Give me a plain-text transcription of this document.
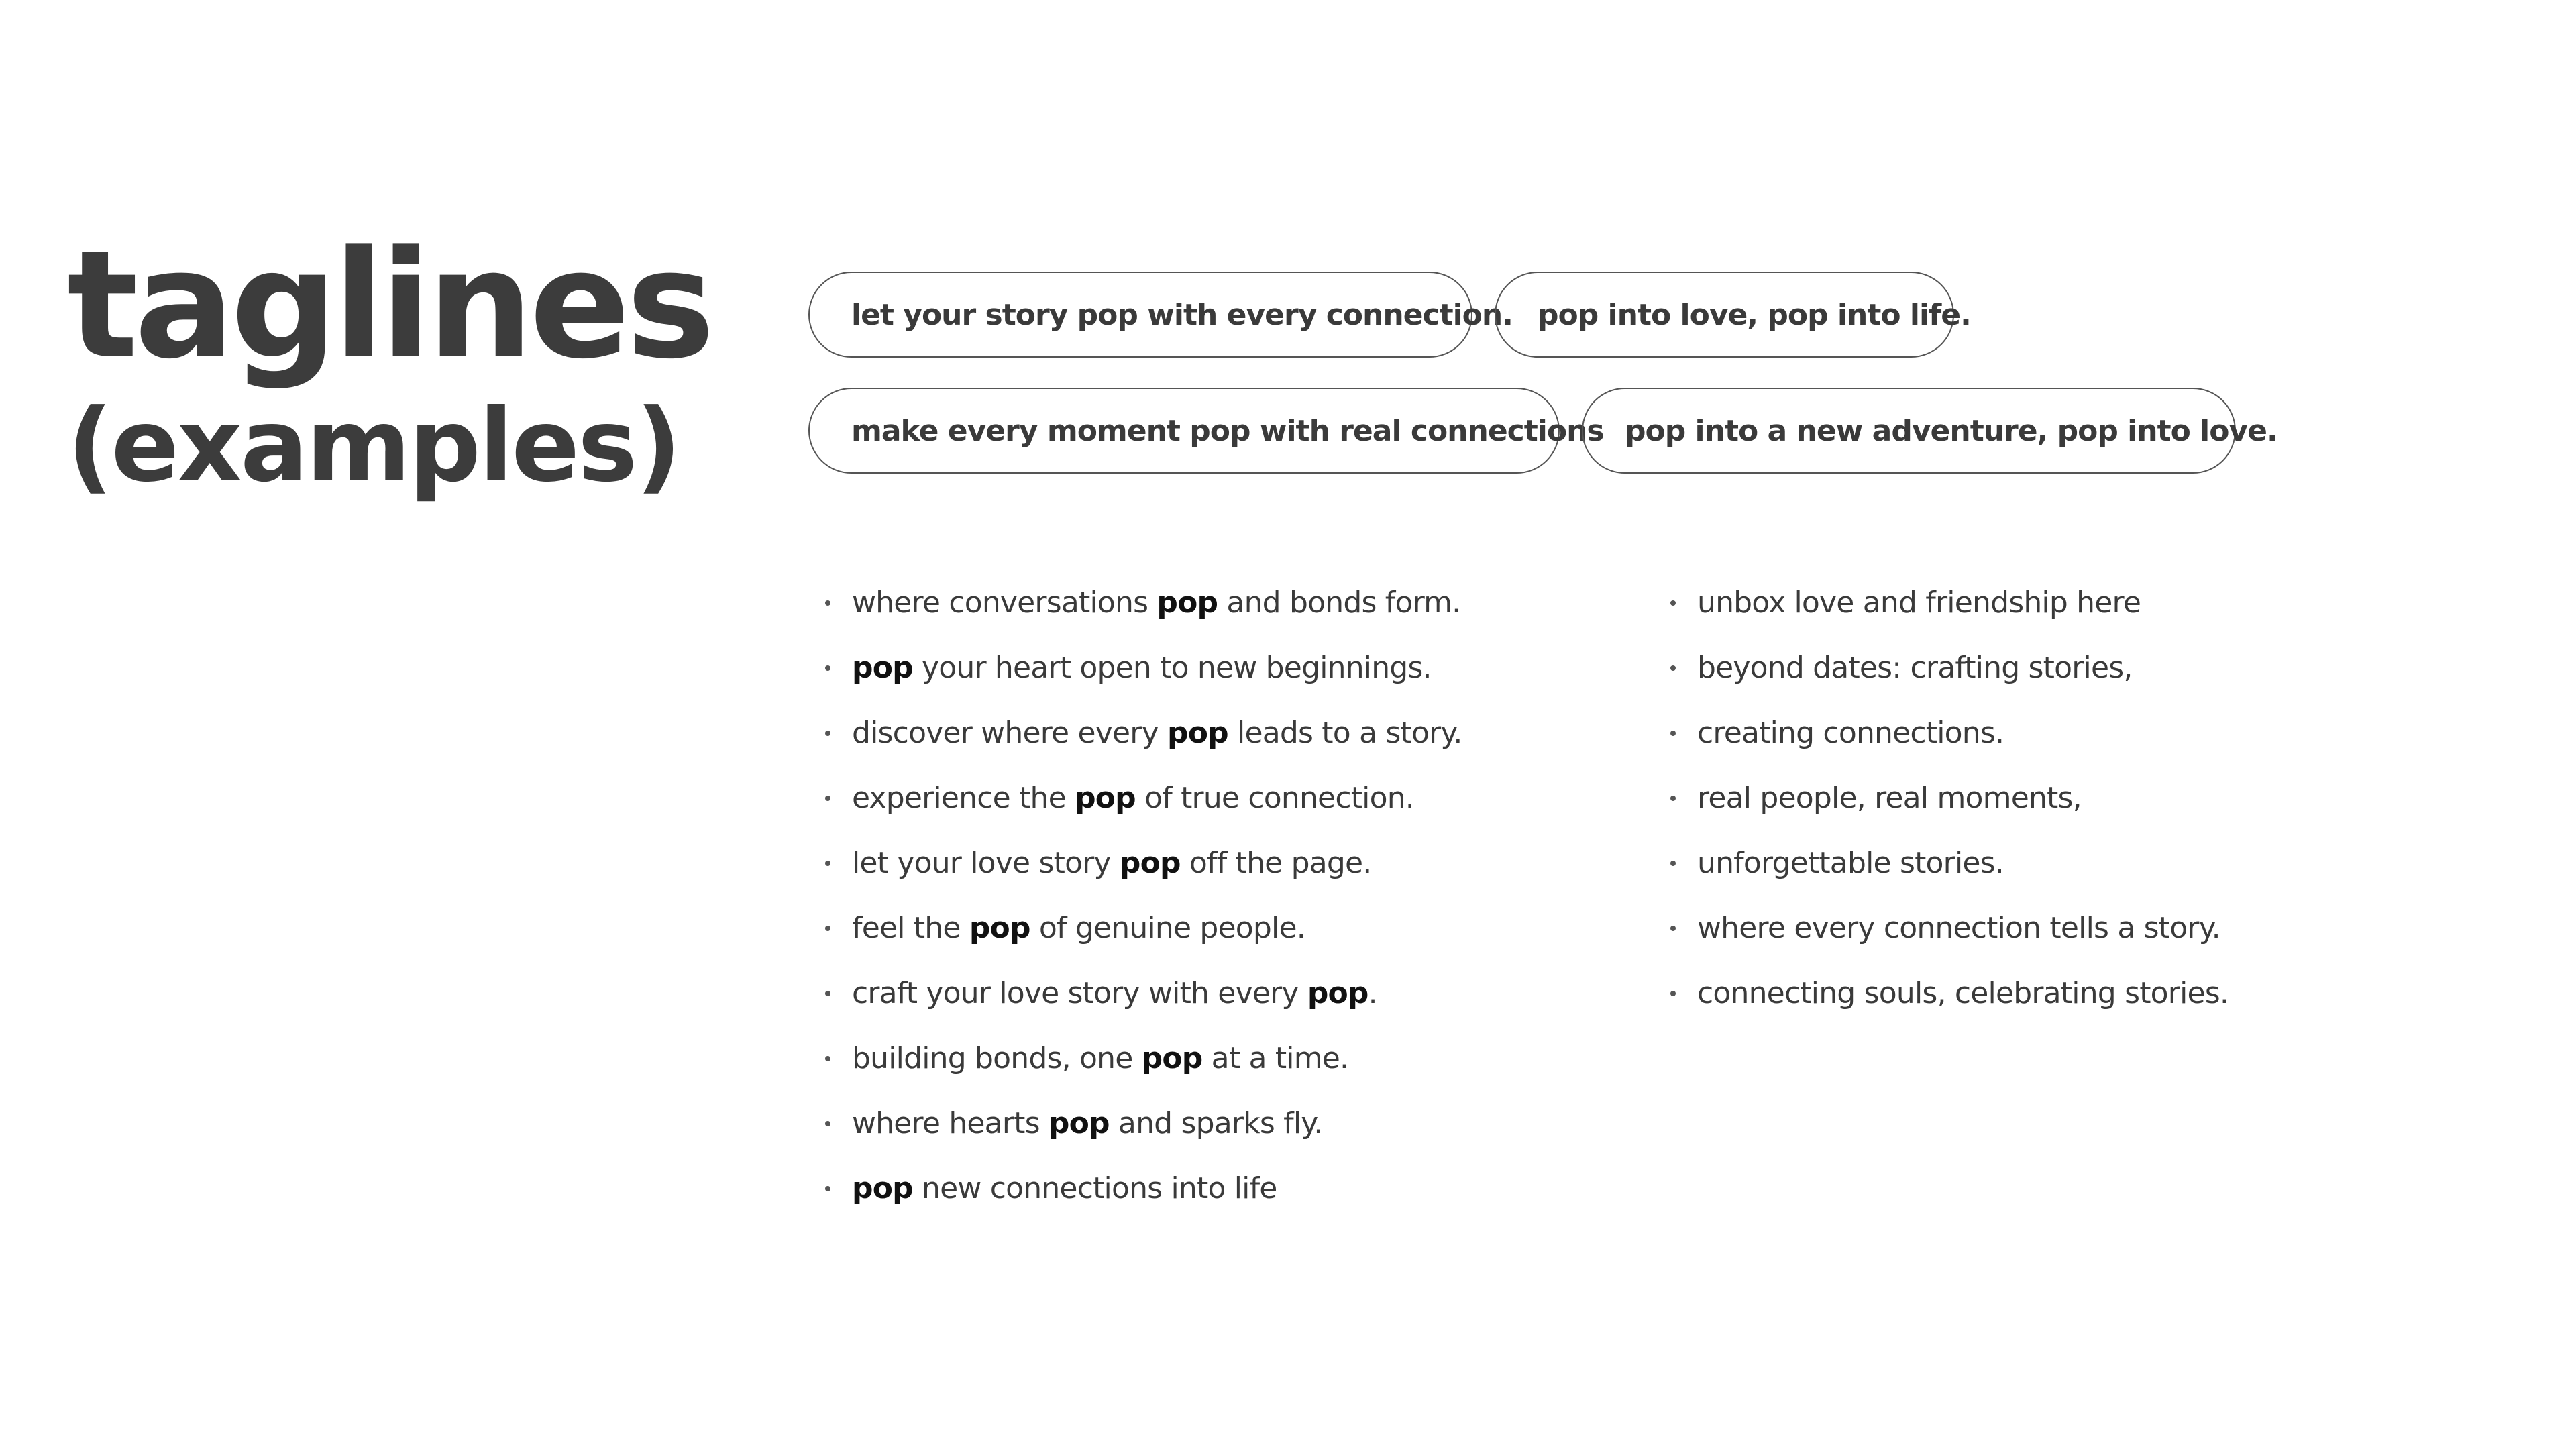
taglines
(examples)
let your story pop with every connection. pop into love, pop into life.
make every moment pop with real connections pop into a new adventure, pop into love.
where conversations pop and bonds form.
pop your heart open to new beginnings.
discover where every pop leads to a story.
experience the pop of true connection.
let your love story pop off the page.
feel the pop of genuine people.
craft your love story with every pop.
building bonds, one pop at a time.
where hearts pop and sparks fly.
pop new connections into life
unbox love and friendship here
beyond dates: crafting stories,
creating connections.
real people, real moments,
unforgettable stories.
where every connection tells a story.
connecting souls, celebrating stories.
